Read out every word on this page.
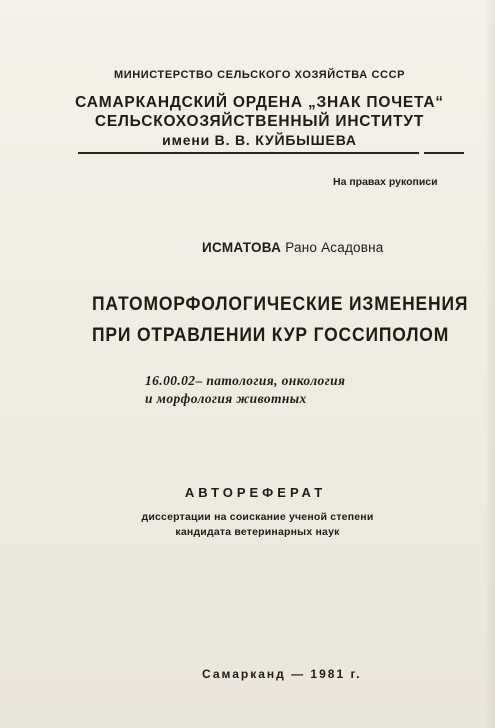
МИНИСТЕРСТВО СЕЛЬСКОГО ХОЗЯЙСТВА СССР
САМАРКАНДСКИЙ ОРДЕНА „ЗНАК ПОЧЕТА“
СЕЛЬСКОХОЗЯЙСТВЕННЫЙ ИНСТИТУТ
имени В. В. КУЙБЫШЕВА
На правах рукописи
ИСМАТОВА Рано Асадовна
ПАТОМОРФОЛОГИЧЕСКИЕ ИЗМЕНЕНИЯ
ПРИ ОТРАВЛЕНИИ КУР ГОССИПОЛОМ
16.00.02– патология, онкология
и морфология животных
АВТОРЕФЕРАТ
диссертации на соискание ученой степени
кандидата ветеринарных наук
Самарканд — 1981 г.
